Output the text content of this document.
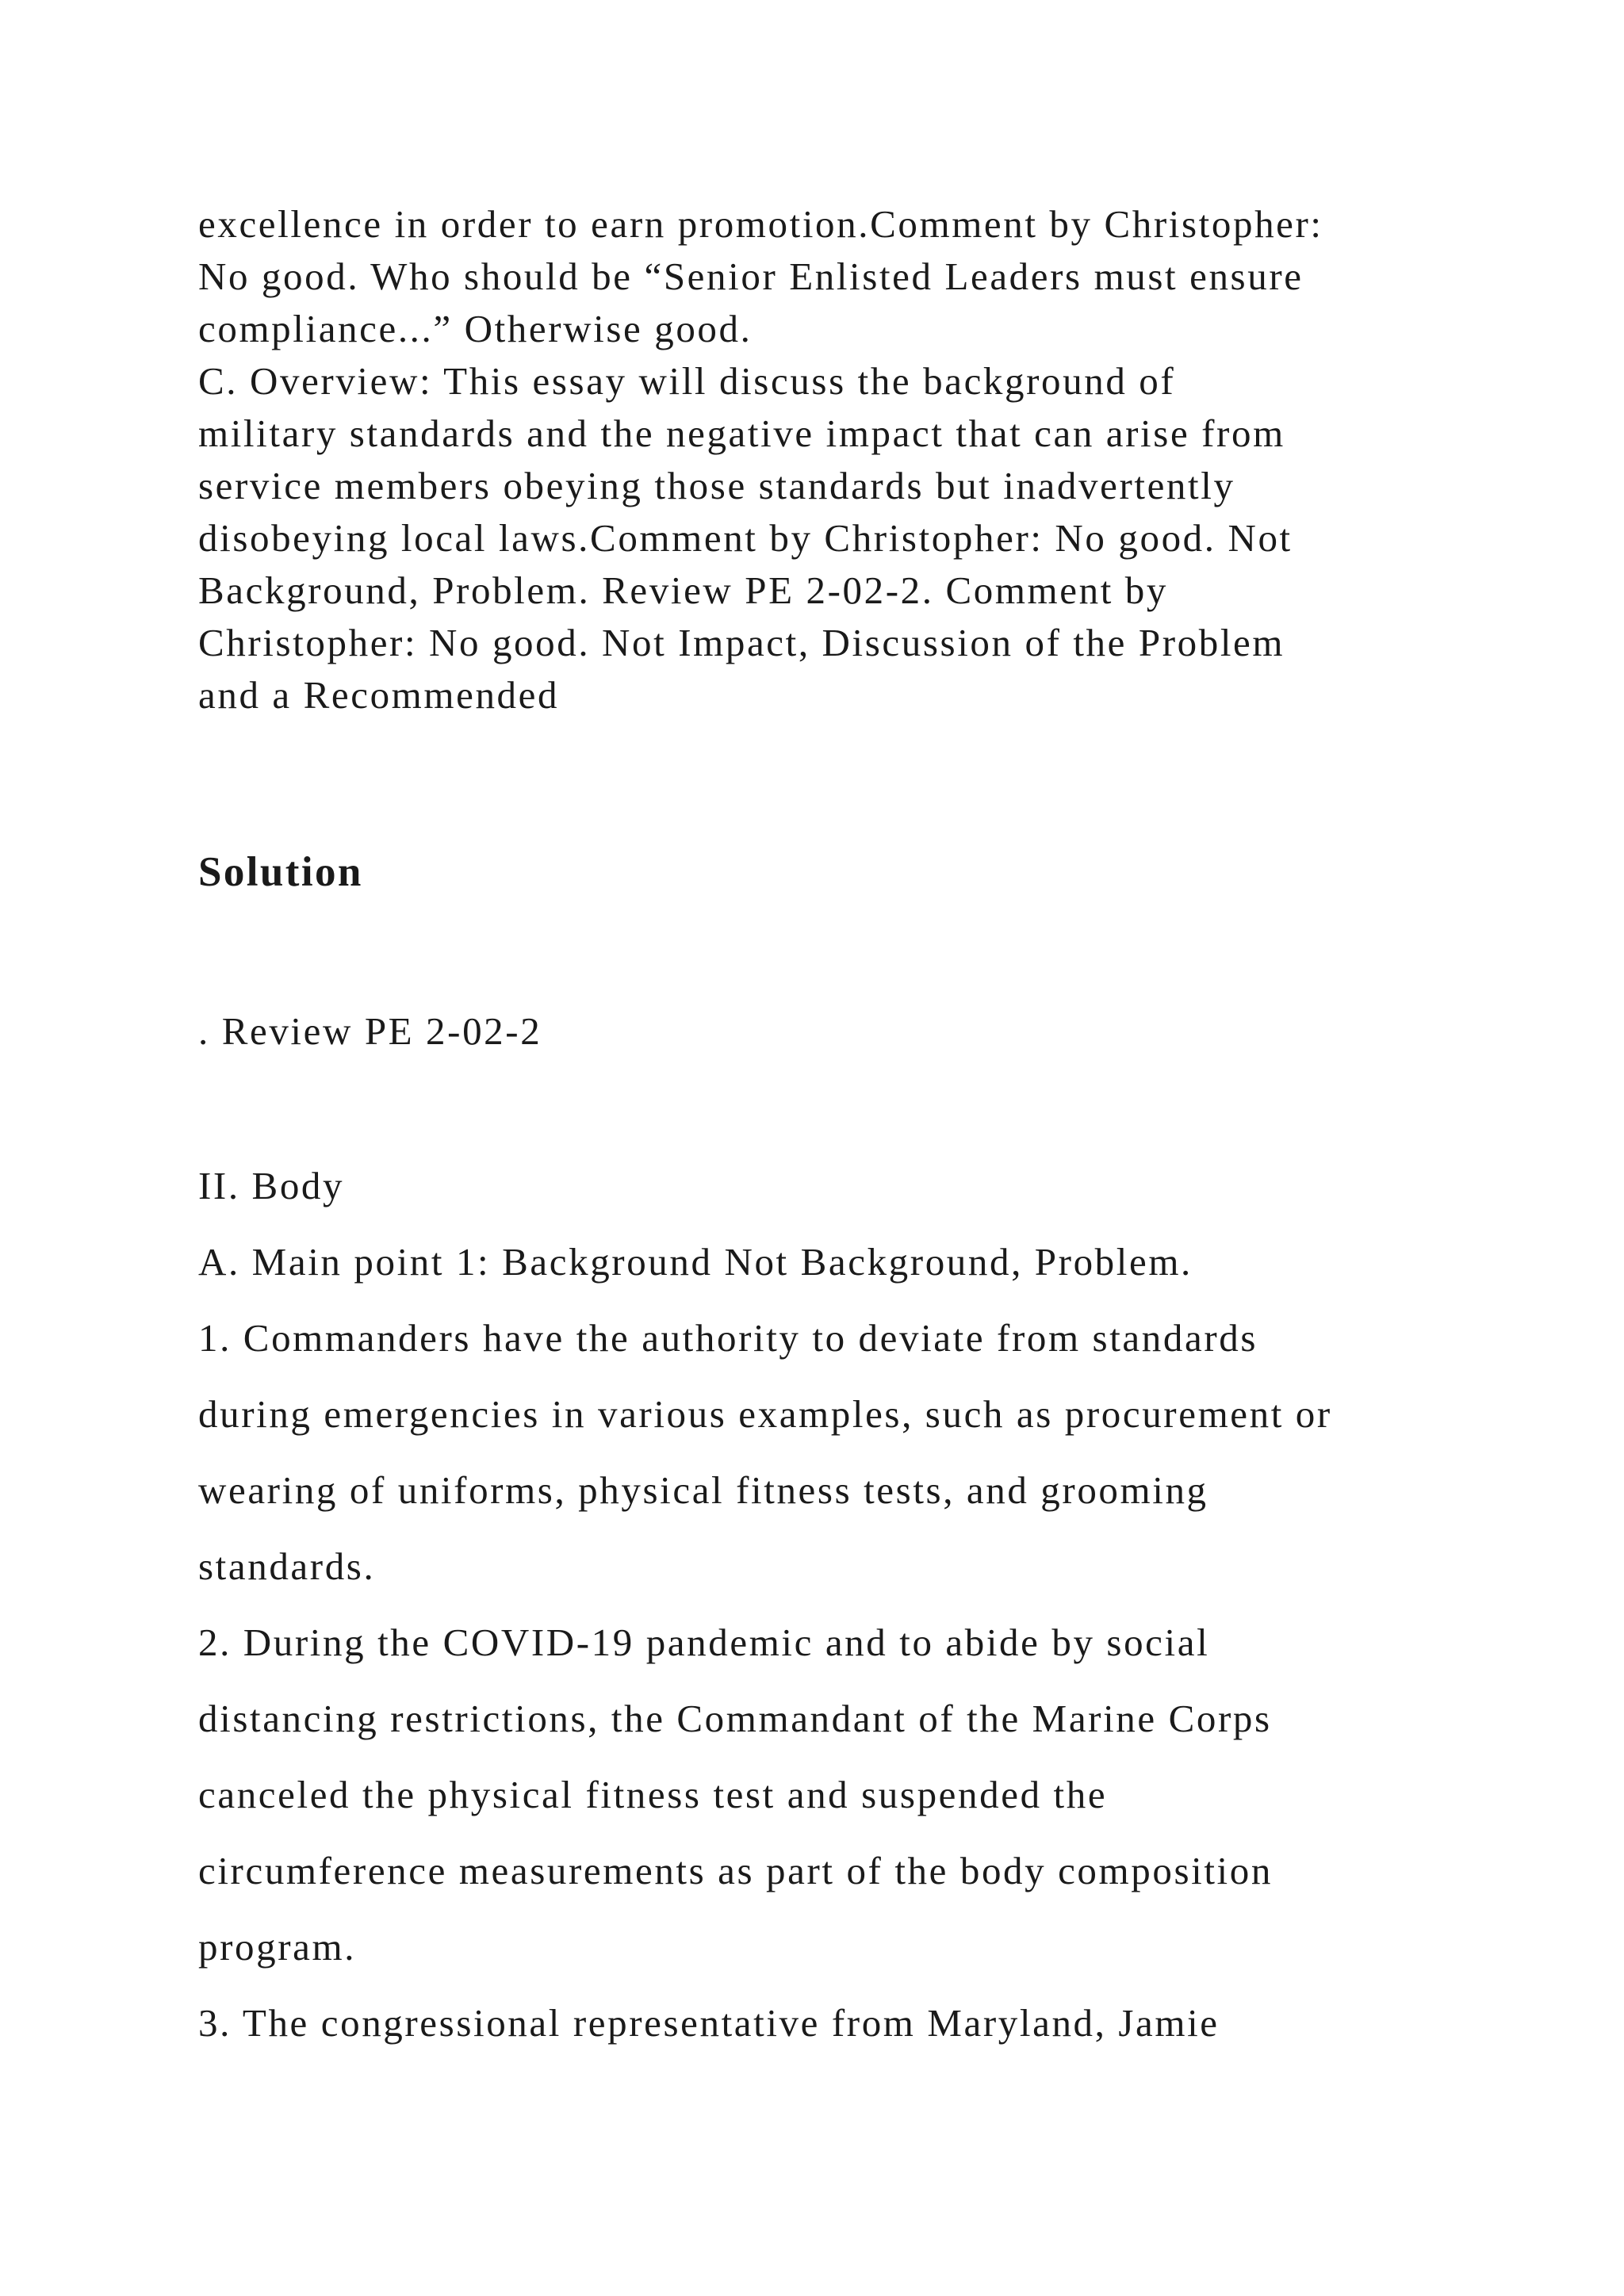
excellence in order to earn promotion.Comment by Christopher:
No good. Who should be “Senior Enlisted Leaders must ensure
compliance...” Otherwise good.
C. Overview: This essay will discuss the background of
military standards and the negative impact that can arise from
service members obeying those standards but inadvertently
disobeying local laws.Comment by Christopher: No good. Not
Background, Problem. Review PE 2-02-2. Comment by
Christopher: No good. Not Impact, Discussion of the Problem
and a Recommended
Solution

. Review PE 2-02-2

II. Body
A. Main point 1: Background Not Background, Problem.
1. Commanders have the authority to deviate from standards
during emergencies in various examples, such as procurement or
wearing of uniforms, physical fitness tests, and grooming
standards.
2. During the COVID-19 pandemic and to abide by social
distancing restrictions, the Commandant of the Marine Corps
canceled the physical fitness test and suspended the
circumference measurements as part of the body composition
program.
3. The congressional representative from Maryland, Jamie
